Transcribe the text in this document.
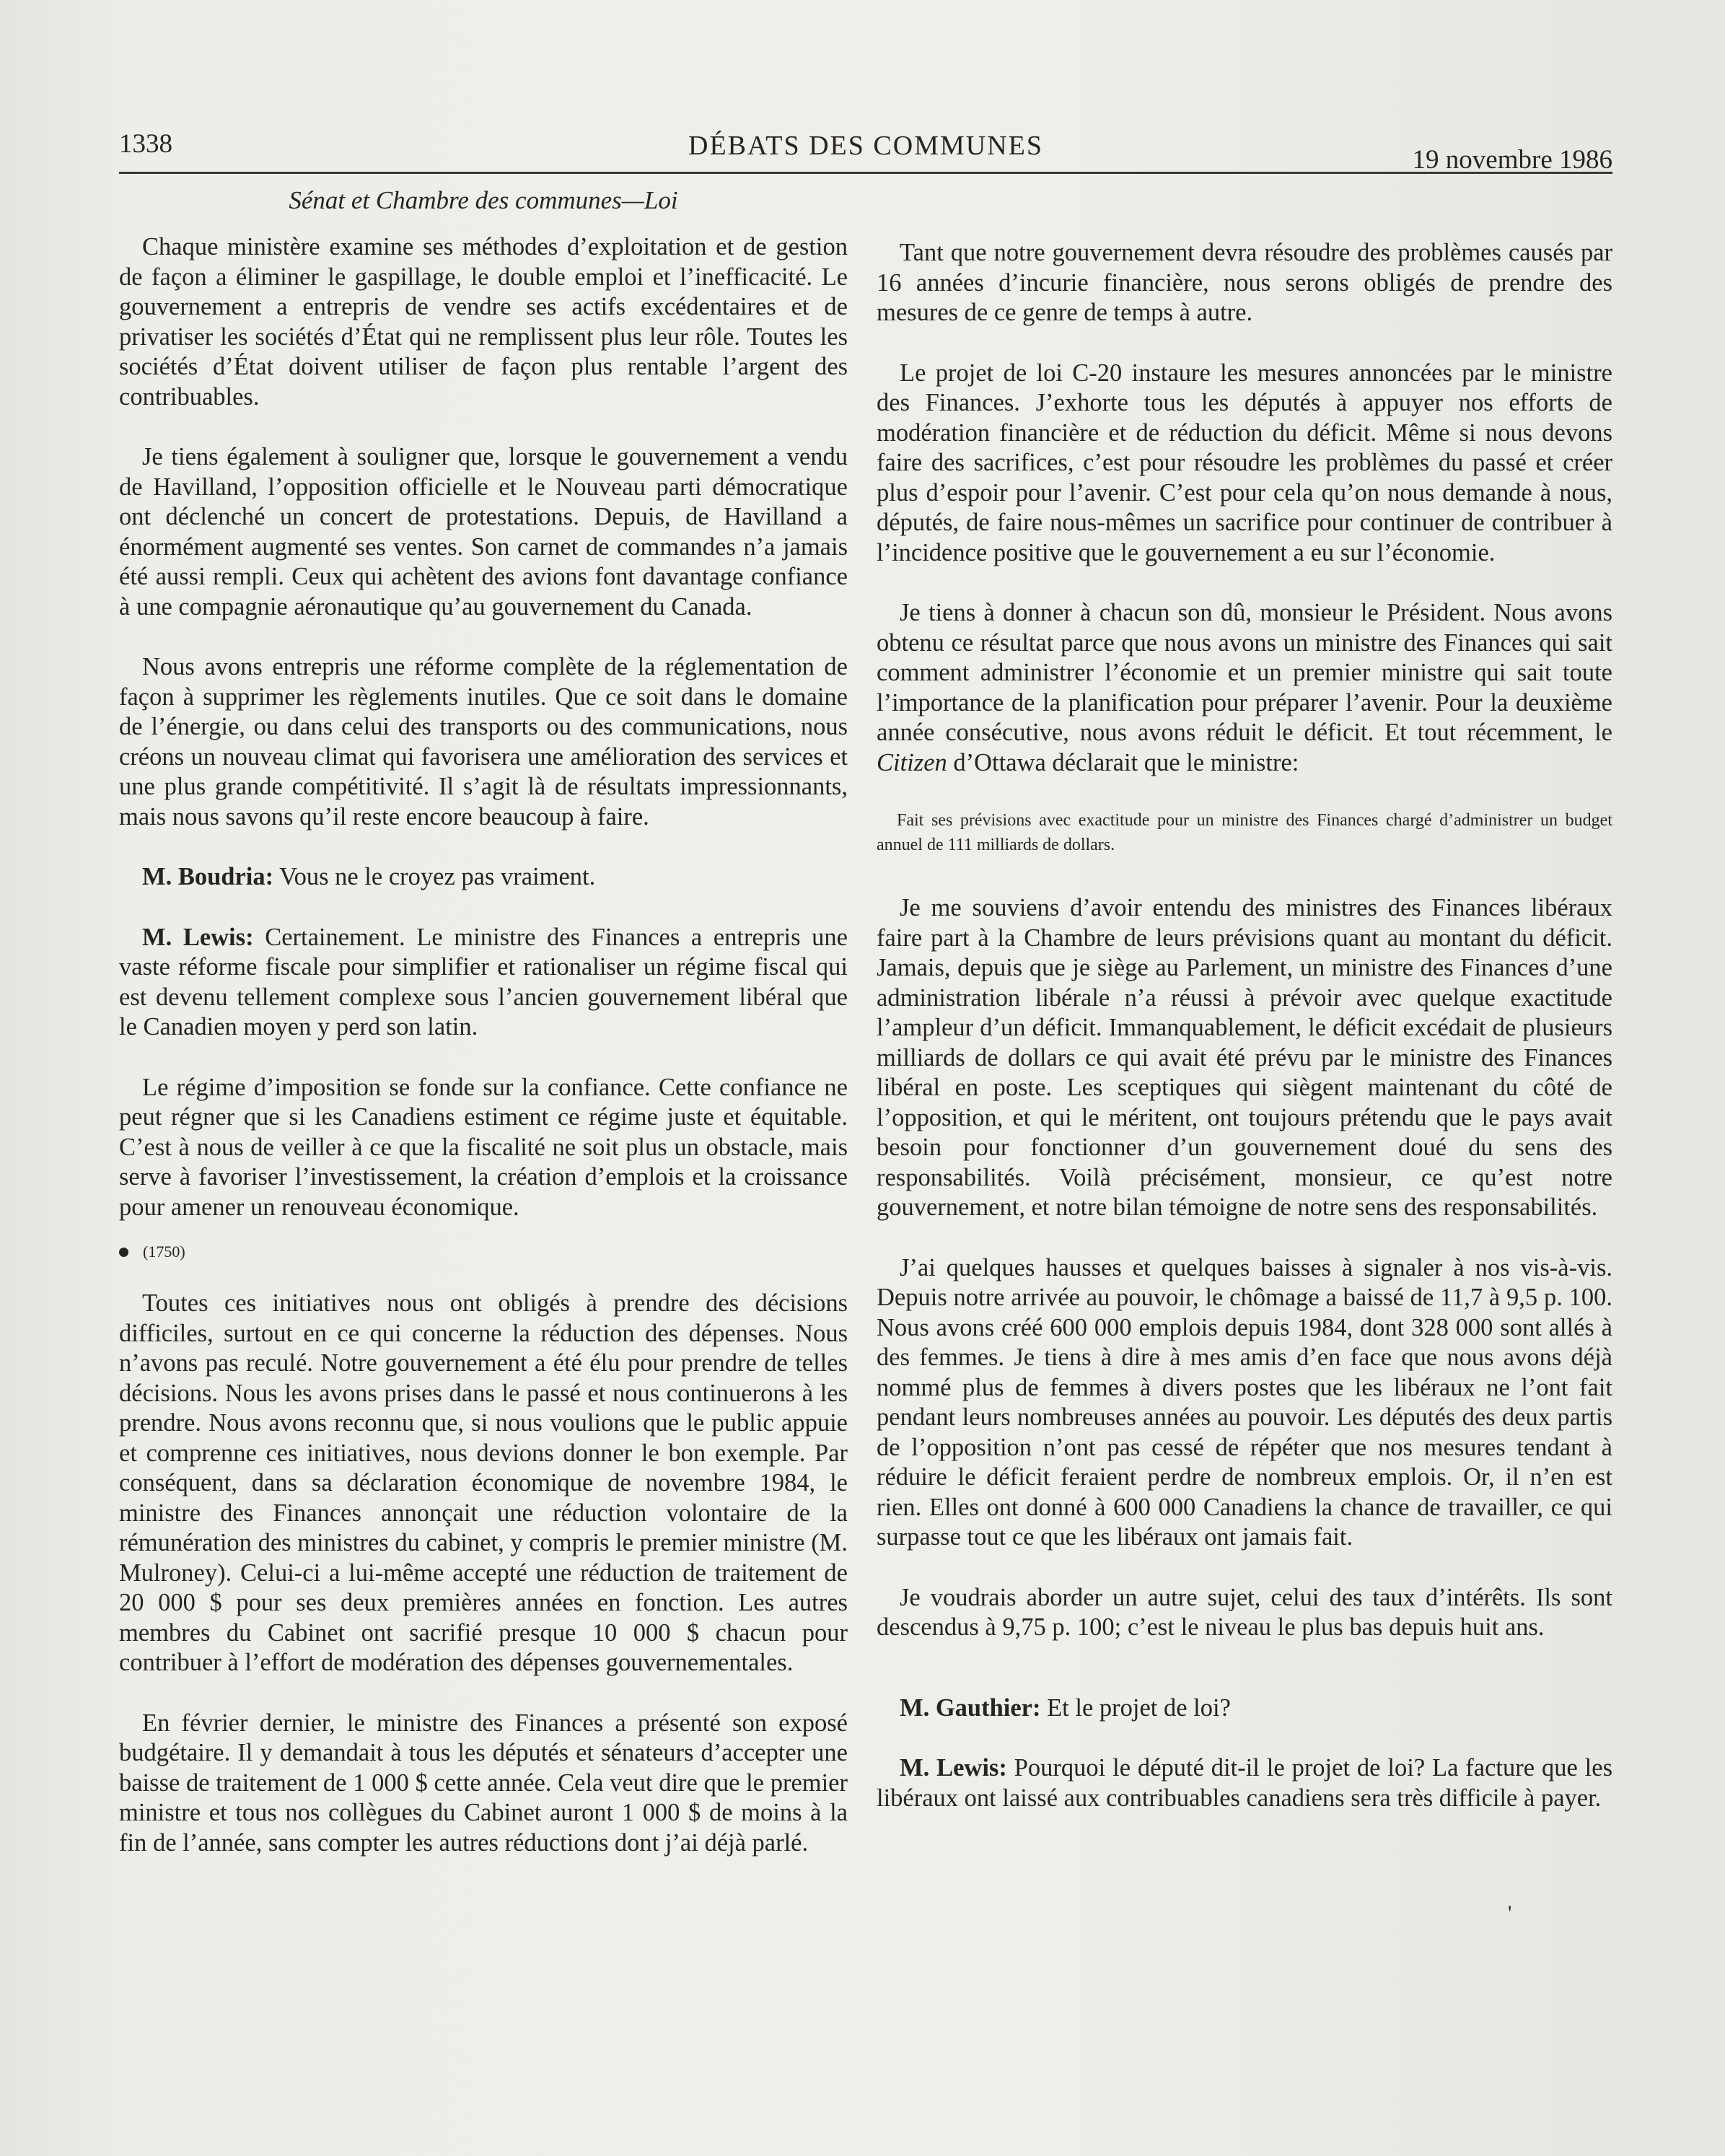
1338	DÉBATS DES COMMUNES	19 novembre 1986
Sénat et Chambre des communes—Loi

Chaque ministère examine ses méthodes d’exploitation et de gestion de façon a éliminer le gaspillage, le double emploi et l’inefficacité. Le gouvernement a entrepris de vendre ses actifs excédentaires et de privatiser les sociétés d’État qui ne remplissent plus leur rôle. Toutes les sociétés d’État doivent utiliser de façon plus rentable l’argent des contribuables.

Je tiens également à souligner que, lorsque le gouvernement a vendu de Havilland, l’opposition officielle et le Nouveau parti démocratique ont déclenché un concert de protestations. Depuis, de Havilland a énormément augmenté ses ventes. Son carnet de commandes n’a jamais été aussi rempli. Ceux qui achètent des avions font davantage confiance à une compagnie aéronautique qu’au gouvernement du Canada.

Nous avons entrepris une réforme complète de la réglementation de façon à supprimer les règlements inutiles. Que ce soit dans le domaine de l’énergie, ou dans celui des transports ou des communications, nous créons un nouveau climat qui favorisera une amélioration des services et une plus grande compétitivité. Il s’agit là de résultats impressionnants, mais nous savons qu’il reste encore beaucoup à faire.

M. Boudria: Vous ne le croyez pas vraiment.

M. Lewis: Certainement. Le ministre des Finances a entrepris une vaste réforme fiscale pour simplifier et rationaliser un régime fiscal qui est devenu tellement complexe sous l’ancien gouvernement libéral que le Canadien moyen y perd son latin.

Le régime d’imposition se fonde sur la confiance. Cette confiance ne peut régner que si les Canadiens estiment ce régime juste et équitable. C’est à nous de veiller à ce que la fiscalité ne soit plus un obstacle, mais serve à favoriser l’investissement, la création d’emplois et la croissance pour amener un renouveau économique.

(1750)

Toutes ces initiatives nous ont obligés à prendre des décisions difficiles, surtout en ce qui concerne la réduction des dépenses. Nous n’avons pas reculé. Notre gouvernement a été élu pour prendre de telles décisions. Nous les avons prises dans le passé et nous continuerons à les prendre. Nous avons reconnu que, si nous voulions que le public appuie et comprenne ces initiatives, nous devions donner le bon exemple. Par conséquent, dans sa déclaration économique de novembre 1984, le ministre des Finances annonçait une réduction volontaire de la rémunération des ministres du cabinet, y compris le premier ministre (M. Mulroney). Celui-ci a lui-même accepté une réduction de traitement de 20 000 $ pour ses deux premières années en fonction. Les autres membres du Cabinet ont sacrifié presque 10 000 $ chacun pour contribuer à l’effort de modération des dépenses gouvernementales.

En février dernier, le ministre des Finances a présenté son exposé budgétaire. Il y demandait à tous les députés et sénateurs d’accepter une baisse de traitement de 1 000 $ cette année. Cela veut dire que le premier ministre et tous nos collègues du Cabinet auront 1 000 $ de moins à la fin de l’année, sans compter les autres réductions dont j’ai déjà parlé.

Tant que notre gouvernement devra résoudre des problèmes causés par 16 années d’incurie financière, nous serons obligés de prendre des mesures de ce genre de temps à autre.

Le projet de loi C-20 instaure les mesures annoncées par le ministre des Finances. J’exhorte tous les députés à appuyer nos efforts de modération financière et de réduction du déficit. Même si nous devons faire des sacrifices, c’est pour résoudre les problèmes du passé et créer plus d’espoir pour l’avenir. C’est pour cela qu’on nous demande à nous, députés, de faire nous-mêmes un sacrifice pour continuer de contribuer à l’incidence positive que le gouvernement a eu sur l’économie.

Je tiens à donner à chacun son dû, monsieur le Président. Nous avons obtenu ce résultat parce que nous avons un ministre des Finances qui sait comment administrer l’économie et un premier ministre qui sait toute l’importance de la planification pour préparer l’avenir. Pour la deuxième année consécutive, nous avons réduit le déficit. Et tout récemment, le Citizen d’Ottawa déclarait que le ministre:

Fait ses prévisions avec exactitude pour un ministre des Finances chargé d’administrer un budget annuel de 111 milliards de dollars.

Je me souviens d’avoir entendu des ministres des Finances libéraux faire part à la Chambre de leurs prévisions quant au montant du déficit. Jamais, depuis que je siège au Parlement, un ministre des Finances d’une administration libérale n’a réussi à prévoir avec quelque exactitude l’ampleur d’un déficit. Immanquablement, le déficit excédait de plusieurs milliards de dollars ce qui avait été prévu par le ministre des Finances libéral en poste. Les sceptiques qui siègent maintenant du côté de l’opposition, et qui le méritent, ont toujours prétendu que le pays avait besoin pour fonctionner d’un gouvernement doué du sens des responsabilités. Voilà précisément, monsieur, ce qu’est notre gouvernement, et notre bilan témoigne de notre sens des responsabilités.

J’ai quelques hausses et quelques baisses à signaler à nos vis-à-vis. Depuis notre arrivée au pouvoir, le chômage a baissé de 11,7 à 9,5 p. 100. Nous avons créé 600 000 emplois depuis 1984, dont 328 000 sont allés à des femmes. Je tiens à dire à mes amis d’en face que nous avons déjà nommé plus de femmes à divers postes que les libéraux ne l’ont fait pendant leurs nombreuses années au pouvoir. Les députés des deux partis de l’opposition n’ont pas cessé de répéter que nos mesures tendant à réduire le déficit feraient perdre de nombreux emplois. Or, il n’en est rien. Elles ont donné à 600 000 Canadiens la chance de travailler, ce qui surpasse tout ce que les libéraux ont jamais fait.

Je voudrais aborder un autre sujet, celui des taux d’intérêts. Ils sont descendus à 9,75 p. 100; c’est le niveau le plus bas depuis huit ans.

M. Gauthier: Et le projet de loi?

M. Lewis: Pourquoi le député dit-il le projet de loi? La facture que les libéraux ont laissé aux contribuables canadiens sera très difficile à payer.

'
